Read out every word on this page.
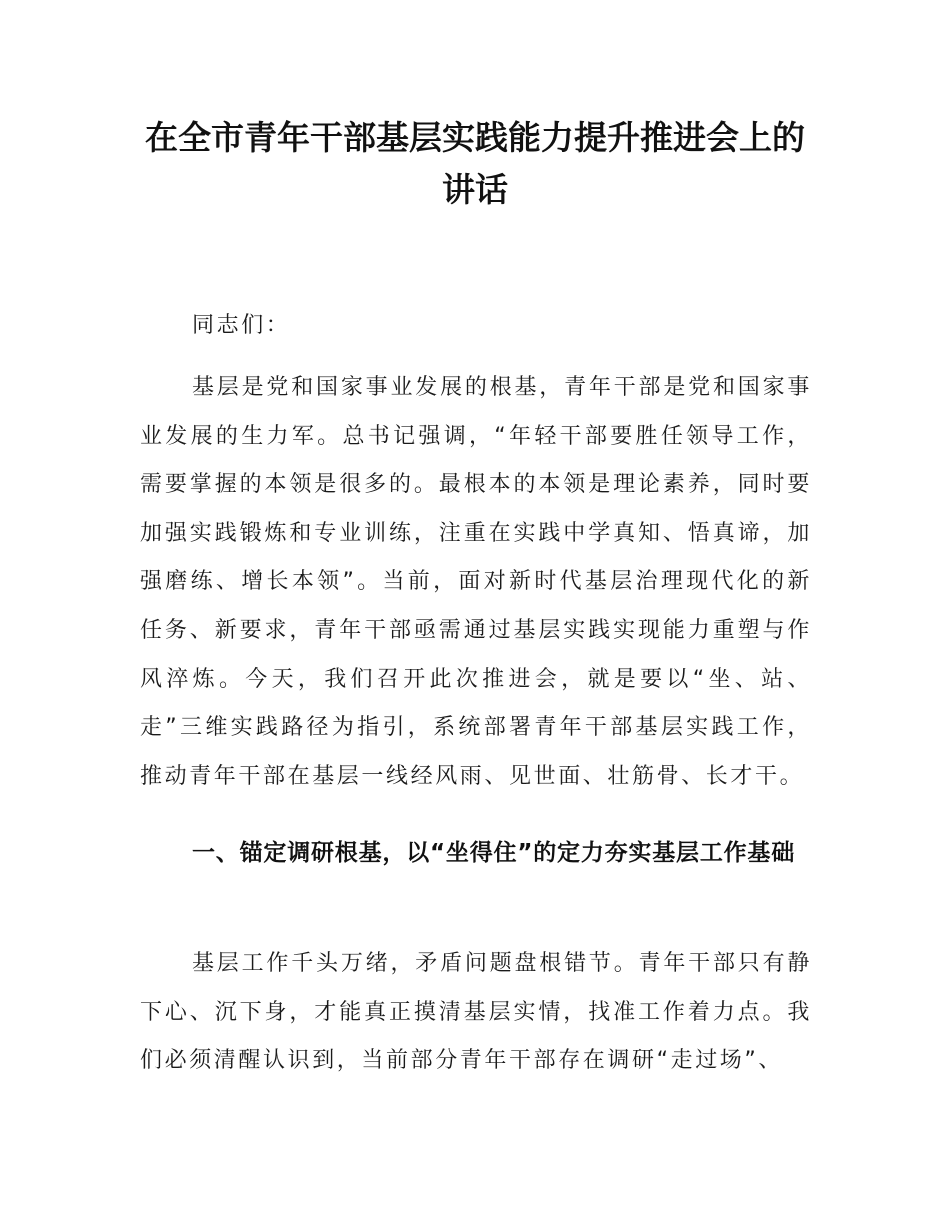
在全市青年干部基层实践能力提升推进会上的讲话

同志们：

基层是党和国家事业发展的根基，青年干部是党和国家事业发展的生力军。总书记强调，“年轻干部要胜任领导工作，需要掌握的本领是很多的。最根本的本领是理论素养，同时要加强实践锻炼和专业训练，注重在实践中学真知、悟真谛，加强磨练、增长本领”。当前，面对新时代基层治理现代化的新任务、新要求，青年干部亟需通过基层实践实现能力重塑与作风淬炼。今天，我们召开此次推进会，就是要以“坐、站、走”三维实践路径为指引，系统部署青年干部基层实践工作，推动青年干部在基层一线经风雨、见世面、壮筋骨、长才干。

一、锚定调研根基，以“坐得住”的定力夯实基层工作基础

基层工作千头万绪，矛盾问题盘根错节。青年干部只有静下心、沉下身，才能真正摸清基层实情，找准工作着力点。我们必须清醒认识到，当前部分青年干部存在调研“走过场”、
